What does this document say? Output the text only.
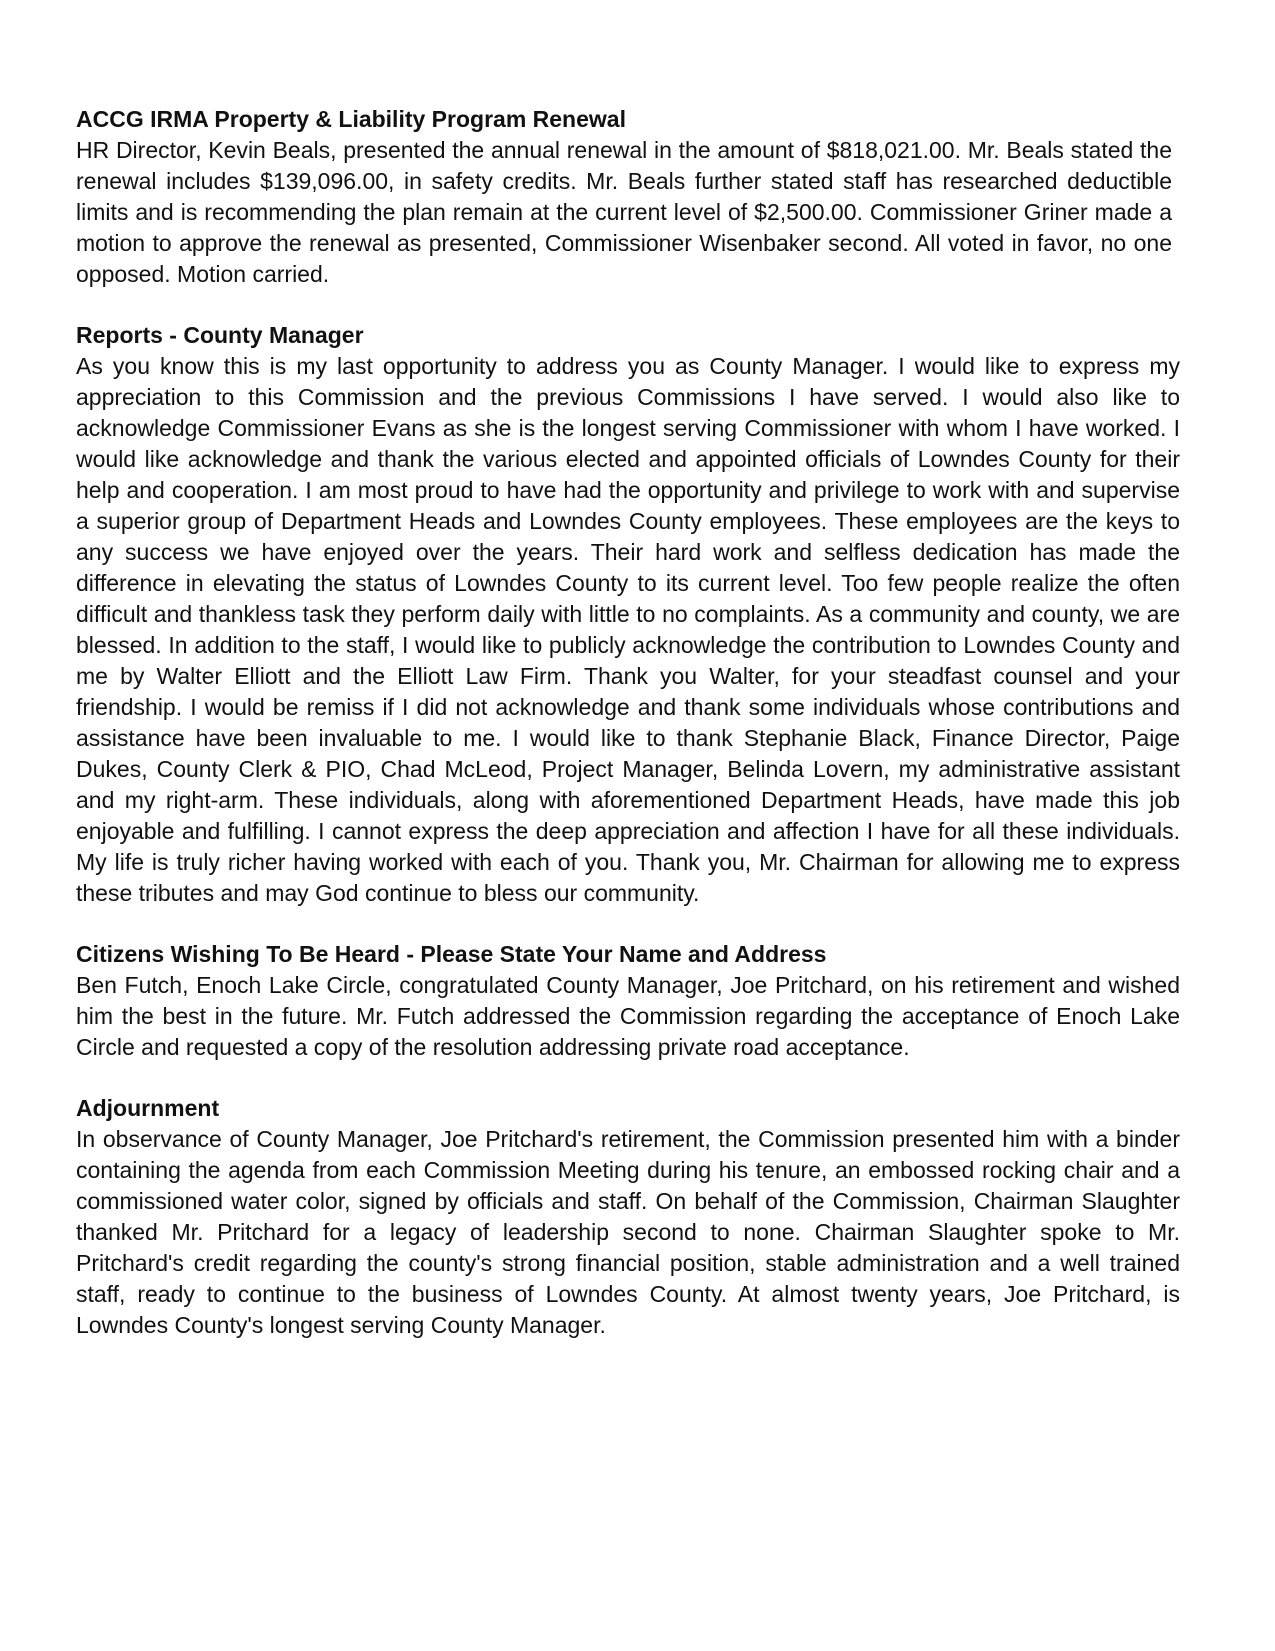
ACCG IRMA Property & Liability Program Renewal

HR Director, Kevin Beals, presented the annual renewal in the amount of $818,021.00. Mr. Beals stated the renewal includes $139,096.00, in safety credits. Mr. Beals further stated staff has researched deductible limits and is recommending the plan remain at the current level of $2,500.00. Commissioner Griner made a motion to approve the renewal as presented, Commissioner Wisenbaker second. All voted in favor, no one opposed. Motion carried.

Reports - County Manager

As you know this is my last opportunity to address you as County Manager. I would like to express my appreciation to this Commission and the previous Commissions I have served. I would also like to acknowledge Commissioner Evans as she is the longest serving Commissioner with whom I have worked. I would like acknowledge and thank the various elected and appointed officials of Lowndes County for their help and cooperation. I am most proud to have had the opportunity and privilege to work with and supervise a superior group of Department Heads and Lowndes County employees. These employees are the keys to any success we have enjoyed over the years. Their hard work and selfless dedication has made the difference in elevating the status of Lowndes County to its current level. Too few people realize the often difficult and thankless task they perform daily with little to no complaints. As a community and county, we are blessed. In addition to the staff, I would like to publicly acknowledge the contribution to Lowndes County and me by Walter Elliott and the Elliott Law Firm. Thank you Walter, for your steadfast counsel and your friendship. I would be remiss if I did not acknowledge and thank some individuals whose contributions and assistance have been invaluable to me. I would like to thank Stephanie Black, Finance Director, Paige Dukes, County Clerk & PIO, Chad McLeod, Project Manager, Belinda Lovern, my administrative assistant and my right-arm. These individuals, along with aforementioned Department Heads, have made this job enjoyable and fulfilling. I cannot express the deep appreciation and affection I have for all these individuals. My life is truly richer having worked with each of you. Thank you, Mr. Chairman for allowing me to express these tributes and may God continue to bless our community.

Citizens Wishing To Be Heard - Please State Your Name and Address

Ben Futch, Enoch Lake Circle, congratulated County Manager, Joe Pritchard, on his retirement and wished him the best in the future. Mr. Futch addressed the Commission regarding the acceptance of Enoch Lake Circle and requested a copy of the resolution addressing private road acceptance.

Adjournment

In observance of County Manager, Joe Pritchard's retirement, the Commission presented him with a binder containing the agenda from each Commission Meeting during his tenure, an embossed rocking chair and a commissioned water color, signed by officials and staff. On behalf of the Commission, Chairman Slaughter thanked Mr. Pritchard for a legacy of leadership second to none. Chairman Slaughter spoke to Mr. Pritchard's credit regarding the county's strong financial position, stable administration and a well trained staff, ready to continue to the business of Lowndes County. At almost twenty years, Joe Pritchard, is Lowndes County's longest serving County Manager.
